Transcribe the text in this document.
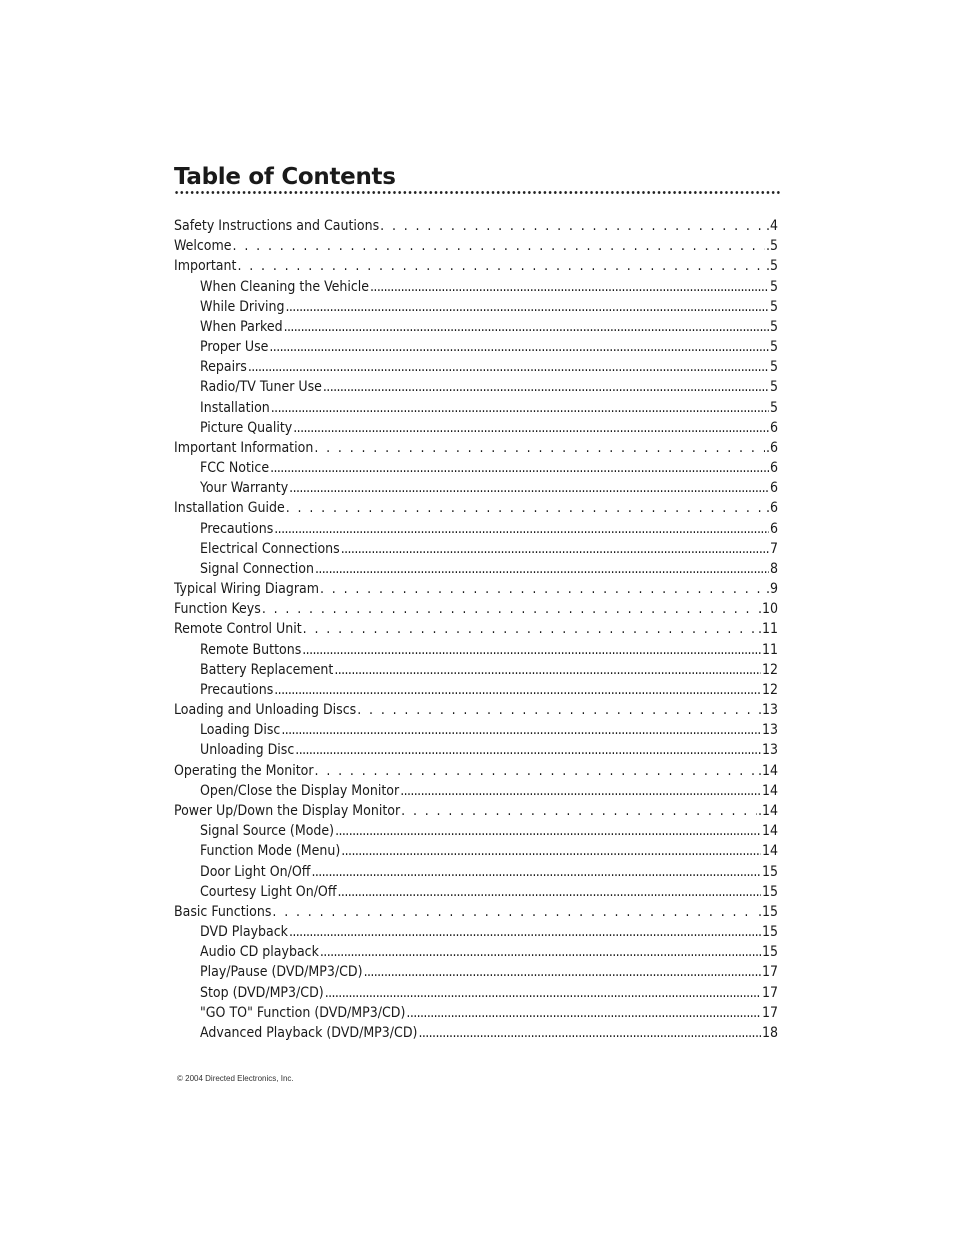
Table of Contents
Safety Instructions and Cautions . . .	.4
Welcome . . .	.5
Important . . .	.5
When Cleaning the Vehicle .....	5
While Driving .....	5
When Parked .....	5
Proper Use .....	5
Repairs .....	5
Radio/TV Tuner Use .....	5
Installation .....	5
Picture Quality .....	6
Important Information . . .	.6
FCC Notice .....	6
Your Warranty .....	6
Installation Guide . . .	.6
Precautions .....	6
Electrical Connections .....	7
Signal Connection .....	8
Typical Wiring Diagram . . .	.9
Function Keys . . .	.10
Remote Control Unit . . .	.11
Remote Buttons .....	11
Battery Replacement .....	12
Precautions .....	12
Loading and Unloading Discs . . .	.13
Loading Disc .....	13
Unloading Disc .....	13
Operating the Monitor . . .	.14
Open/Close the Display Monitor .....	14
Power Up/Down the Display Monitor . . .	.14
Signal Source (Mode) .....	14
Function Mode (Menu) .....	14
Door Light On/Off .....	15
Courtesy Light On/Off .....	15
Basic Functions . . .	.15
DVD Playback .....	15
Audio CD playback .....	15
Play/Pause (DVD/MP3/CD) .....	17
Stop (DVD/MP3/CD) .....	17
"GO TO" Function (DVD/MP3/CD) .....	17
Advanced Playback (DVD/MP3/CD) .....	18
© 2004 Directed Electronics, Inc.
